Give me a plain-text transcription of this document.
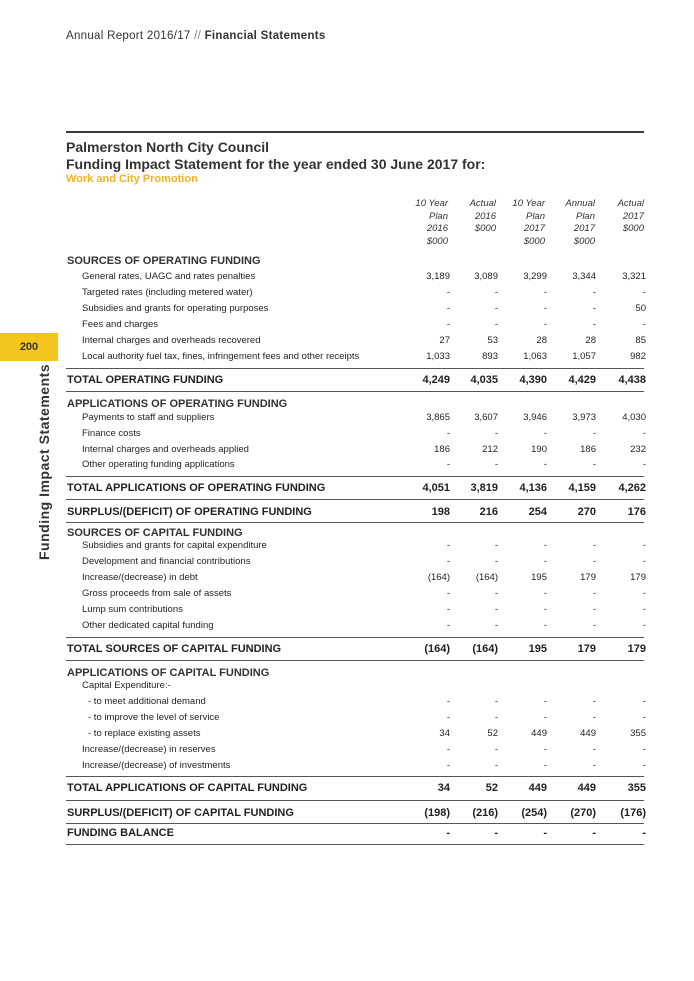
Annual Report 2016/17 // Financial Statements
Palmerston North City Council
Funding Impact Statement for the year ended 30 June 2017 for:
Work and City Promotion
200
Funding Impact Statements
10 Year
Plan
2016
$000
Actual
2016
$000
10 Year
Plan
2017
$000
Annual
Plan
2017
$000
Actual
2017
$000
SOURCES OF OPERATING FUNDING
General rates, UAGC and rates penalties	3,189	3,089	3,299	3,344	3,321
Targeted rates (including metered water)	-	-	-	-	-
Subsidies and grants for operating purposes	-	-	-	-	50
Fees and charges	-	-	-	-	-
Internal charges and overheads recovered	27	53	28	28	85
Local authority fuel tax, fines, infringement fees and other receipts	1,033	893	1,063	1,057	982
TOTAL OPERATING FUNDING	4,249	4,035	4,390	4,429	4,438
APPLICATIONS OF OPERATING FUNDING
Payments to staff and suppliers	3,865	3,607	3,946	3,973	4,030
Finance costs	-	-	-	-	-
Internal charges and overheads applied	186	212	190	186	232
Other operating funding applications	-	-	-	-	-
TOTAL APPLICATIONS OF OPERATING FUNDING	4,051	3,819	4,136	4,159	4,262
SURPLUS/(DEFICIT) OF OPERATING FUNDING	198	216	254	270	176
SOURCES OF CAPITAL FUNDING
Subsidies and grants for capital expenditure	-	-	-	-	-
Development and financial contributions	-	-	-	-	-
Increase/(decrease) in debt	(164)	(164)	195	179	179
Gross proceeds from sale of assets	-	-	-	-	-
Lump sum contributions	-	-	-	-	-
Other dedicated capital funding	-	-	-	-	-
TOTAL SOURCES OF CAPITAL FUNDING	(164)	(164)	195	179	179
APPLICATIONS OF CAPITAL FUNDING
Capital Expenditure:-
- to meet additional demand	-	-	-	-	-
- to improve the level of service	-	-	-	-	-
- to replace existing assets	34	52	449	449	355
Increase/(decrease) in reserves	-	-	-	-	-
Increase/(decrease) of investments	-	-	-	-	-
TOTAL APPLICATIONS OF CAPITAL FUNDING	34	52	449	449	355
SURPLUS/(DEFICIT) OF CAPITAL FUNDING	(198)	(216)	(254)	(270)	(176)
FUNDING BALANCE	-	-	-	-	-
